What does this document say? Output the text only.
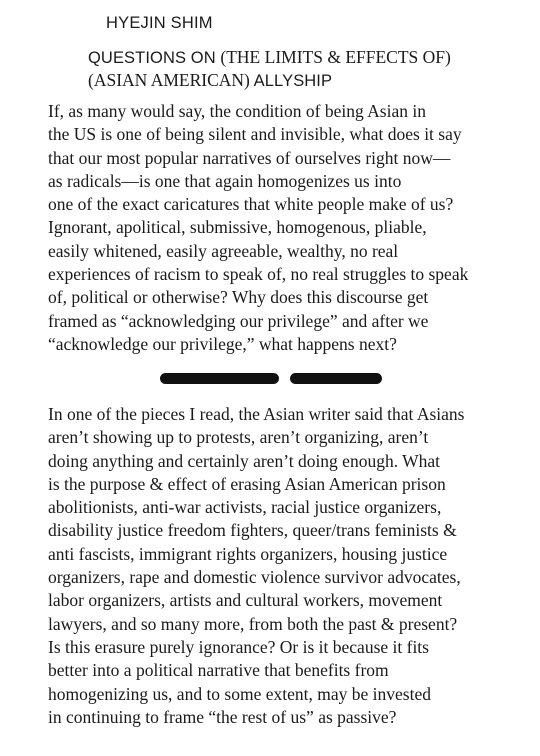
HYEJIN SHIM
QUESTIONS ON (THE LIMITS & EFFECTS OF)
(ASIAN AMERICAN) ALLYSHIP

If, as many would say, the condition of being Asian in
the US is one of being silent and invisible, what does it say
that our most popular narratives of ourselves right now—
as radicals—is one that again homogenizes us into
one of the exact caricatures that white people make of us?
Ignorant, apolitical, submissive, homogenous, pliable,
easily whitened, easily agreeable, wealthy, no real
experiences of racism to speak of, no real struggles to speak
of, political or otherwise? Why does this discourse get
framed as “acknowledging our privilege” and after we
“acknowledge our privilege,” what happens next?

In one of the pieces I read, the Asian writer said that Asians
aren’t showing up to protests, aren’t organizing, aren’t
doing anything and certainly aren’t doing enough. What
is the purpose & effect of erasing Asian American prison
abolitionists, anti-war activists, racial justice organizers,
disability justice freedom fighters, queer/trans feminists &
anti fascists, immigrant rights organizers, housing justice
organizers, rape and domestic violence survivor advocates,
labor organizers, artists and cultural workers, movement
lawyers, and so many more, from both the past & present?
Is this erasure purely ignorance? Or is it because it fits
better into a political narrative that benefits from
homogenizing us, and to some extent, may be invested
in continuing to frame “the rest of us” as passive?
